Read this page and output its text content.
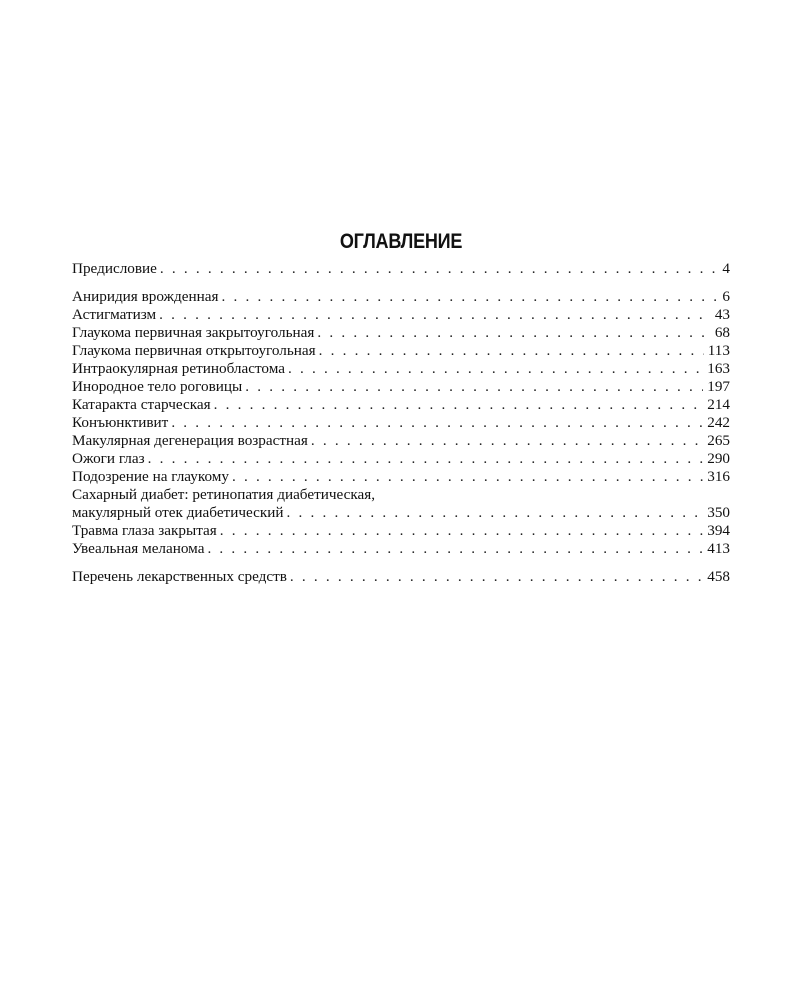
ОГЛАВЛЕНИЕ
Предисловие . . .	4
Аниридия врожденная . . .	6
Астигматизм . . .	43
Глаукома первичная закрытоугольная . . .	68
Глаукома первичная открытоугольная . . .	113
Интраокулярная ретинобластома . . .	163
Инородное тело роговицы . . .	197
Катаракта старческая . . .	214
Конъюнктивит . . .	242
Макулярная дегенерация возрастная . . .	265
Ожоги глаз . . .	290
Подозрение на глаукому . . .	316
Сахарный диабет: ретинопатия диабетическая,
макулярный отек диабетический . . .	350
Травма глаза закрытая . . .	394
Увеальная меланома . . .	413
Перечень лекарственных средств . . .	458
